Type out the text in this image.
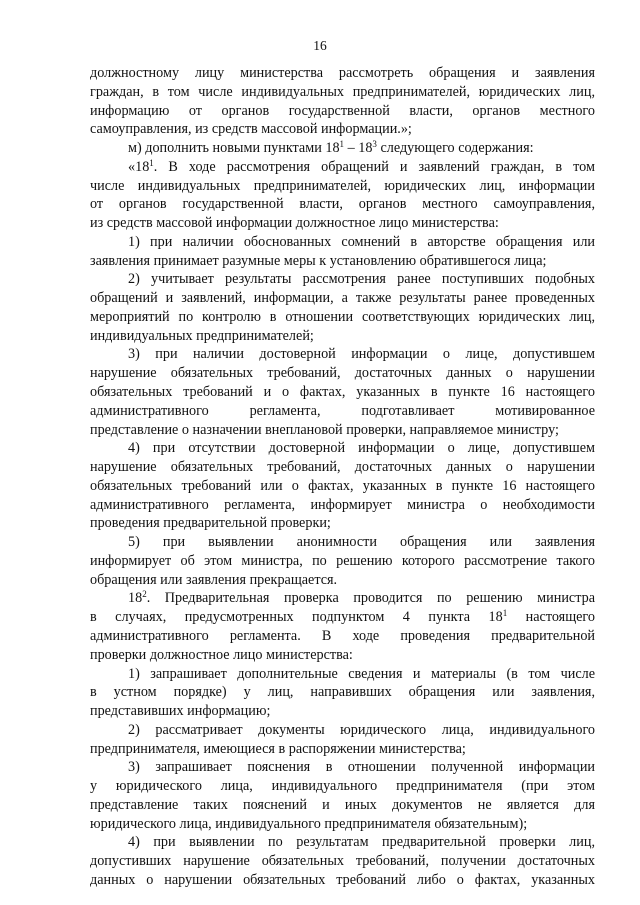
16
должностному лицу министерства рассмотреть обращения и заявления
граждан, в том числе индивидуальных предпринимателей, юридических лиц,
информацию от органов государственной власти, органов местного
самоуправления, из средств массовой информации.»;
м) дополнить новыми пунктами $18^1 - 18^3$ следующего содержания:
«$18^1$. В ходе рассмотрения обращений и заявлений граждан, в том
числе индивидуальных предпринимателей, юридических лиц, информации
от органов государственной власти, органов местного самоуправления,
из средств массовой информации должностное лицо министерства:
1) при наличии обоснованных сомнений в авторстве обращения или
заявления принимает разумные меры к установлению обратившегося лица;
2) учитывает результаты рассмотрения ранее поступивших подобных
обращений и заявлений, информации, а также результаты ранее проведенных
мероприятий по контролю в отношении соответствующих юридических лиц,
индивидуальных предпринимателей;
3) при наличии достоверной информации о лице, допустившем
нарушение обязательных требований, достаточных данных о нарушении
обязательных требований и о фактах, указанных в пункте 16 настоящего
административного регламента, подготавливает мотивированное
представление о назначении внеплановой проверки, направляемое министру;
4) при отсутствии достоверной информации о лице, допустившем
нарушение обязательных требований, достаточных данных о нарушении
обязательных требований или о фактах, указанных в пункте 16 настоящего
административного регламента, информирует министра о необходимости
проведения предварительной проверки;
5) при выявлении анонимности обращения или заявления
информирует об этом министра, по решению которого рассмотрение такого
обращения или заявления прекращается.
$18^2$. Предварительная проверка проводится по решению министра
в случаях, предусмотренных подпунктом 4 пункта $18^1$ настоящего
административного регламента. В ходе проведения предварительной
проверки должностное лицо министерства:
1) запрашивает дополнительные сведения и материалы (в том числе
в устном порядке) у лиц, направивших обращения или заявления,
представивших информацию;
2) рассматривает документы юридического лица, индивидуального
предпринимателя, имеющиеся в распоряжении министерства;
3) запрашивает пояснения в отношении полученной информации
у юридического лица, индивидуального предпринимателя (при этом
представление таких пояснений и иных документов не является для
юридического лица, индивидуального предпринимателя обязательным);
4) при выявлении по результатам предварительной проверки лиц,
допустивших нарушение обязательных требований, получении достаточных
данных о нарушении обязательных требований либо о фактах, указанных
